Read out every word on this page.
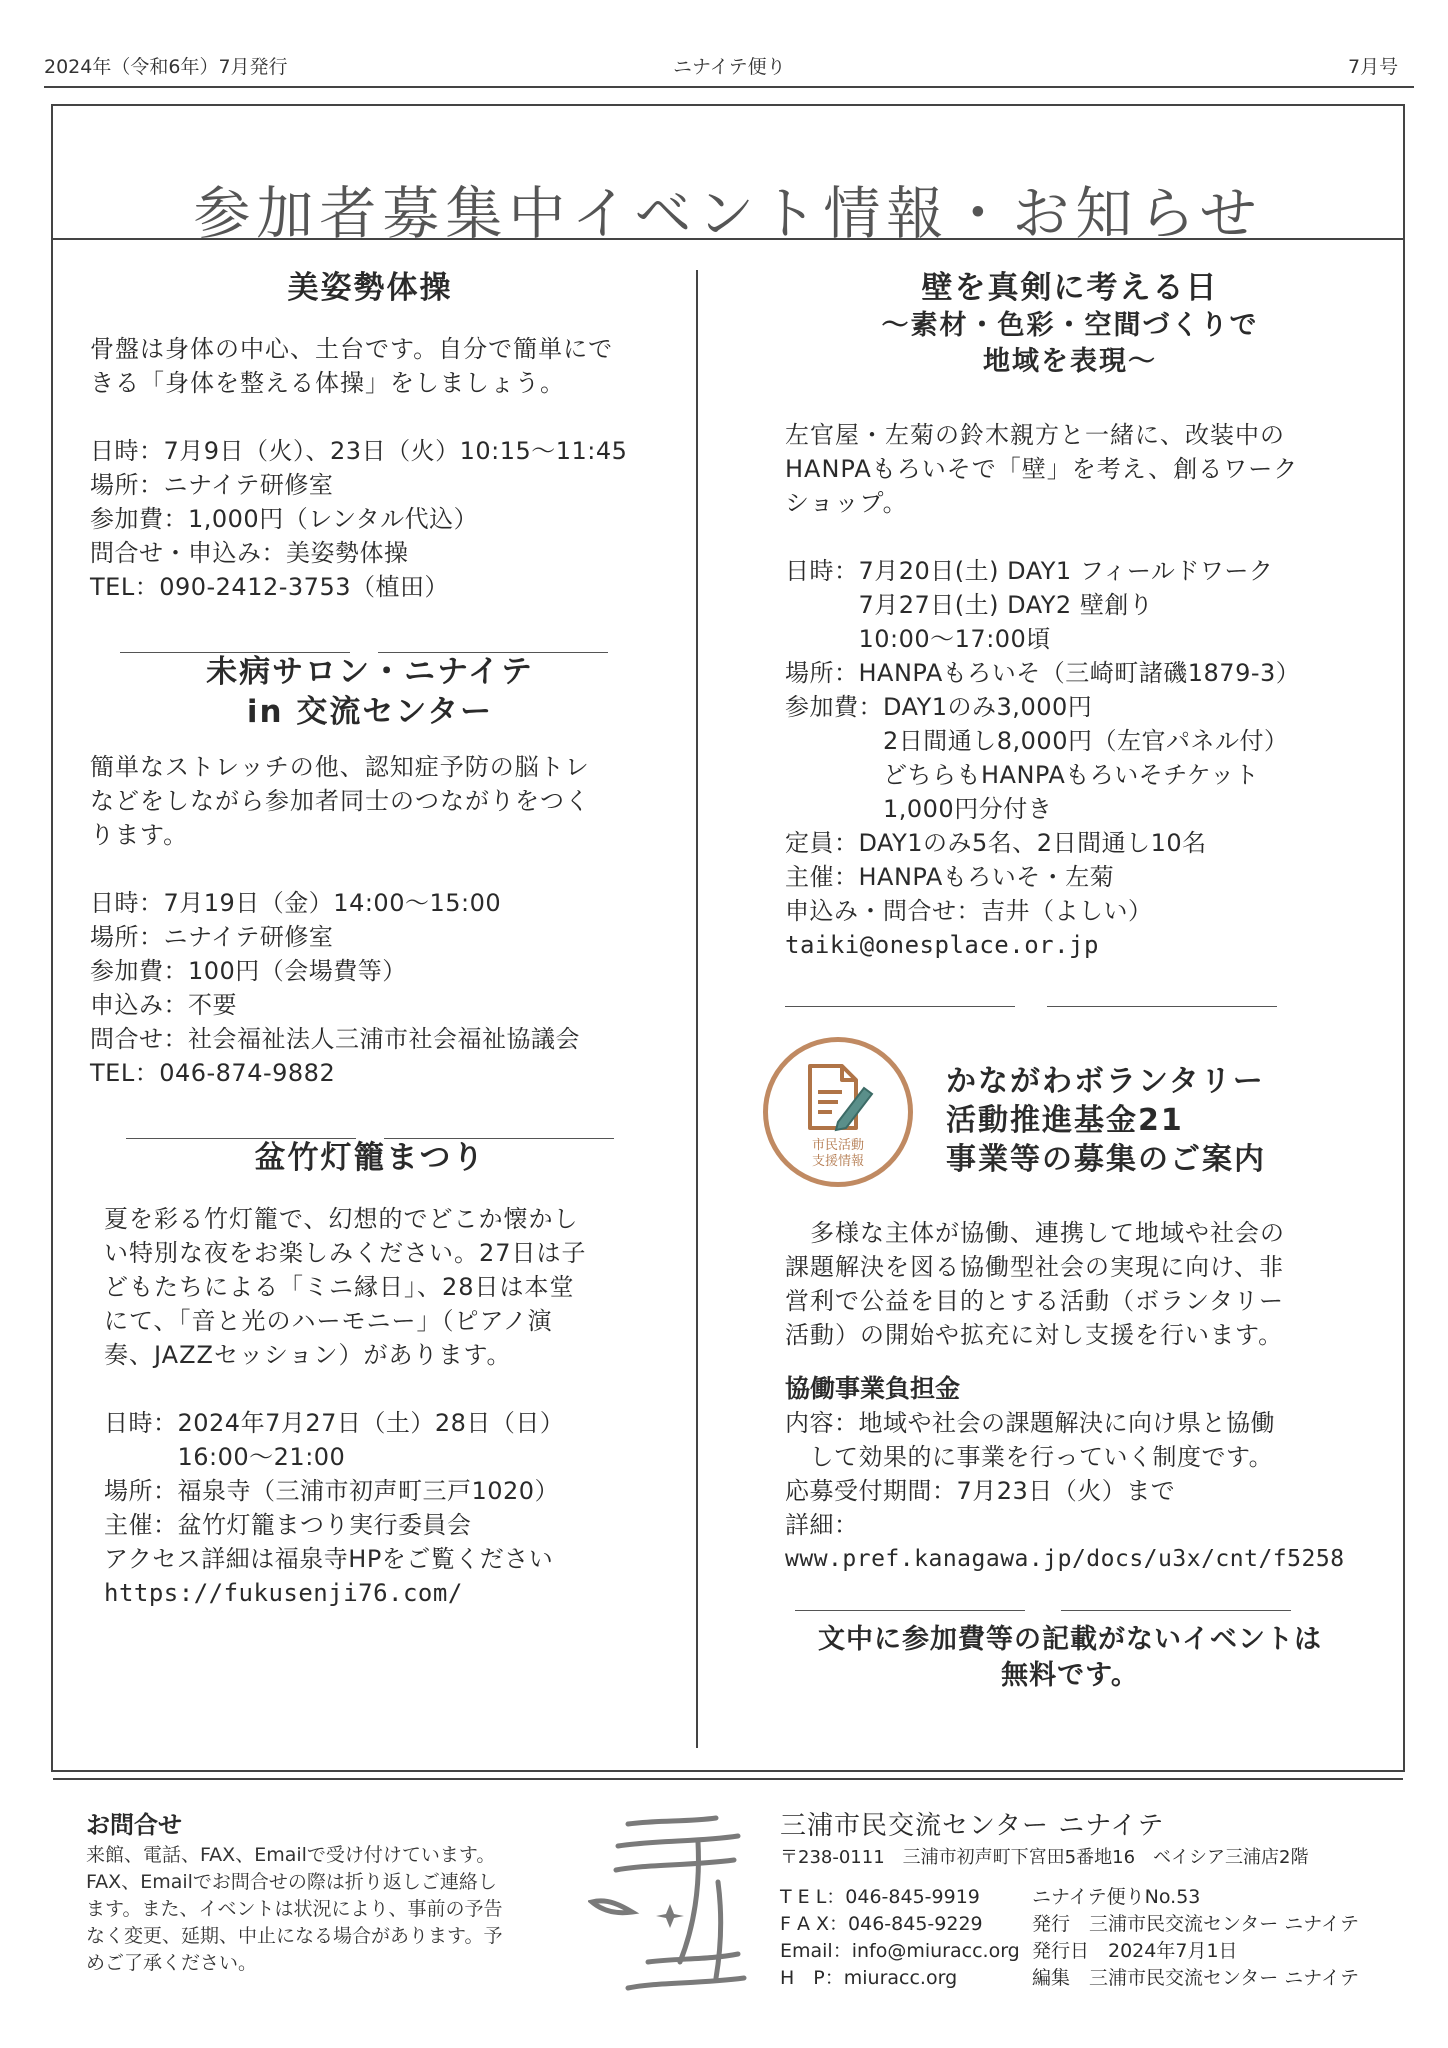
2024年（令和6年）7月発行	ニナイテ便り	7月号
参加者募集中イベント情報・お知らせ
美姿勢体操

骨盤は身体の中心、土台です。自分で簡単にで
きる「身体を整える体操」をしましょう。

日時：7月9日（火）、23日（火）10:15〜11:45
場所：ニナイテ研修室
参加費：1,000円（レンタル代込）
問合せ・申込み：美姿勢体操
TEL：090-2412-3753（植田）
未病サロン・ニナイテ
in 交流センター

簡単なストレッチの他、認知症予防の脳トレ
などをしながら参加者同士のつながりをつく
ります。

日時：7月19日（金）14:00〜15:00
場所：ニナイテ研修室
参加費：100円（会場費等）
申込み：不要
問合せ：社会福祉法人三浦市社会福祉協議会
TEL：046-874-9882
盆竹灯籠まつり

夏を彩る竹灯籠で、幻想的でどこか懐かし
い特別な夜をお楽しみください。27日は子
どもたちによる「ミニ縁日」、28日は本堂
にて、「音と光のハーモニー」（ピアノ演
奏、JAZZセッション）があります。

日時：2024年7月27日（土）28日（日）
　　　16:00〜21:00
場所：福泉寺（三浦市初声町三戸1020）
主催：盆竹灯籠まつり実行委員会
アクセス詳細は福泉寺HPをご覧ください
https://fukusenji76.com/
壁を真剣に考える日
〜素材・色彩・空間づくりで
地域を表現〜

左官屋・左菊の鈴木親方と一緒に、改装中の
HANPAもろいそで「壁」を考え、創るワーク
ショップ。

日時：7月20日(土) DAY1 フィールドワーク
　　　7月27日(土) DAY2 壁創り
　　　10:00〜17:00頃
場所：HANPAもろいそ（三崎町諸磯1879-3）
参加費：DAY1のみ3,000円
　　　　2日間通し8,000円（左官パネル付）
　　　　どちらもHANPAもろいそチケット
　　　　1,000円分付き
定員：DAY1のみ5名、2日間通し10名
主催：HANPAもろいそ・左菊
申込み・問合せ：吉井（よしい）
taiki@onesplace.or.jp
市民活動
支援情報
かながわボランタリー
活動推進基金21
事業等の募集のご案内

　多様な主体が協働、連携して地域や社会の
課題解決を図る協働型社会の実現に向け、非
営利で公益を目的とする活動（ボランタリー
活動）の開始や拡充に対し支援を行います。

協働事業負担金
内容：地域や社会の課題解決に向け県と協働
　して効果的に事業を行っていく制度です。
応募受付期間：7月23日（火）まで
詳細：
www.pref.kanagawa.jp/docs/u3x/cnt/f5258
文中に参加費等の記載がないイベントは
無料です。
お問合せ
来館、電話、FAX、Emailで受け付けています。
FAX、Emailでお問合せの際は折り返しご連絡し
ます。また、イベントは状況により、事前の予告
なく変更、延期、中止になる場合があります。予
めご了承ください。
三浦市民交流センター ニナイテ
〒238-0111　三浦市初声町下宮田5番地16　ベイシア三浦店2階
T E L：046-845-9919
F A X：046-845-9229
Email：info@miuracc.org
H　P：miuracc.org
ニナイテ便りNo.53
発行　三浦市民交流センター ニナイテ
発行日　2024年7月1日
編集　三浦市民交流センター ニナイテ
